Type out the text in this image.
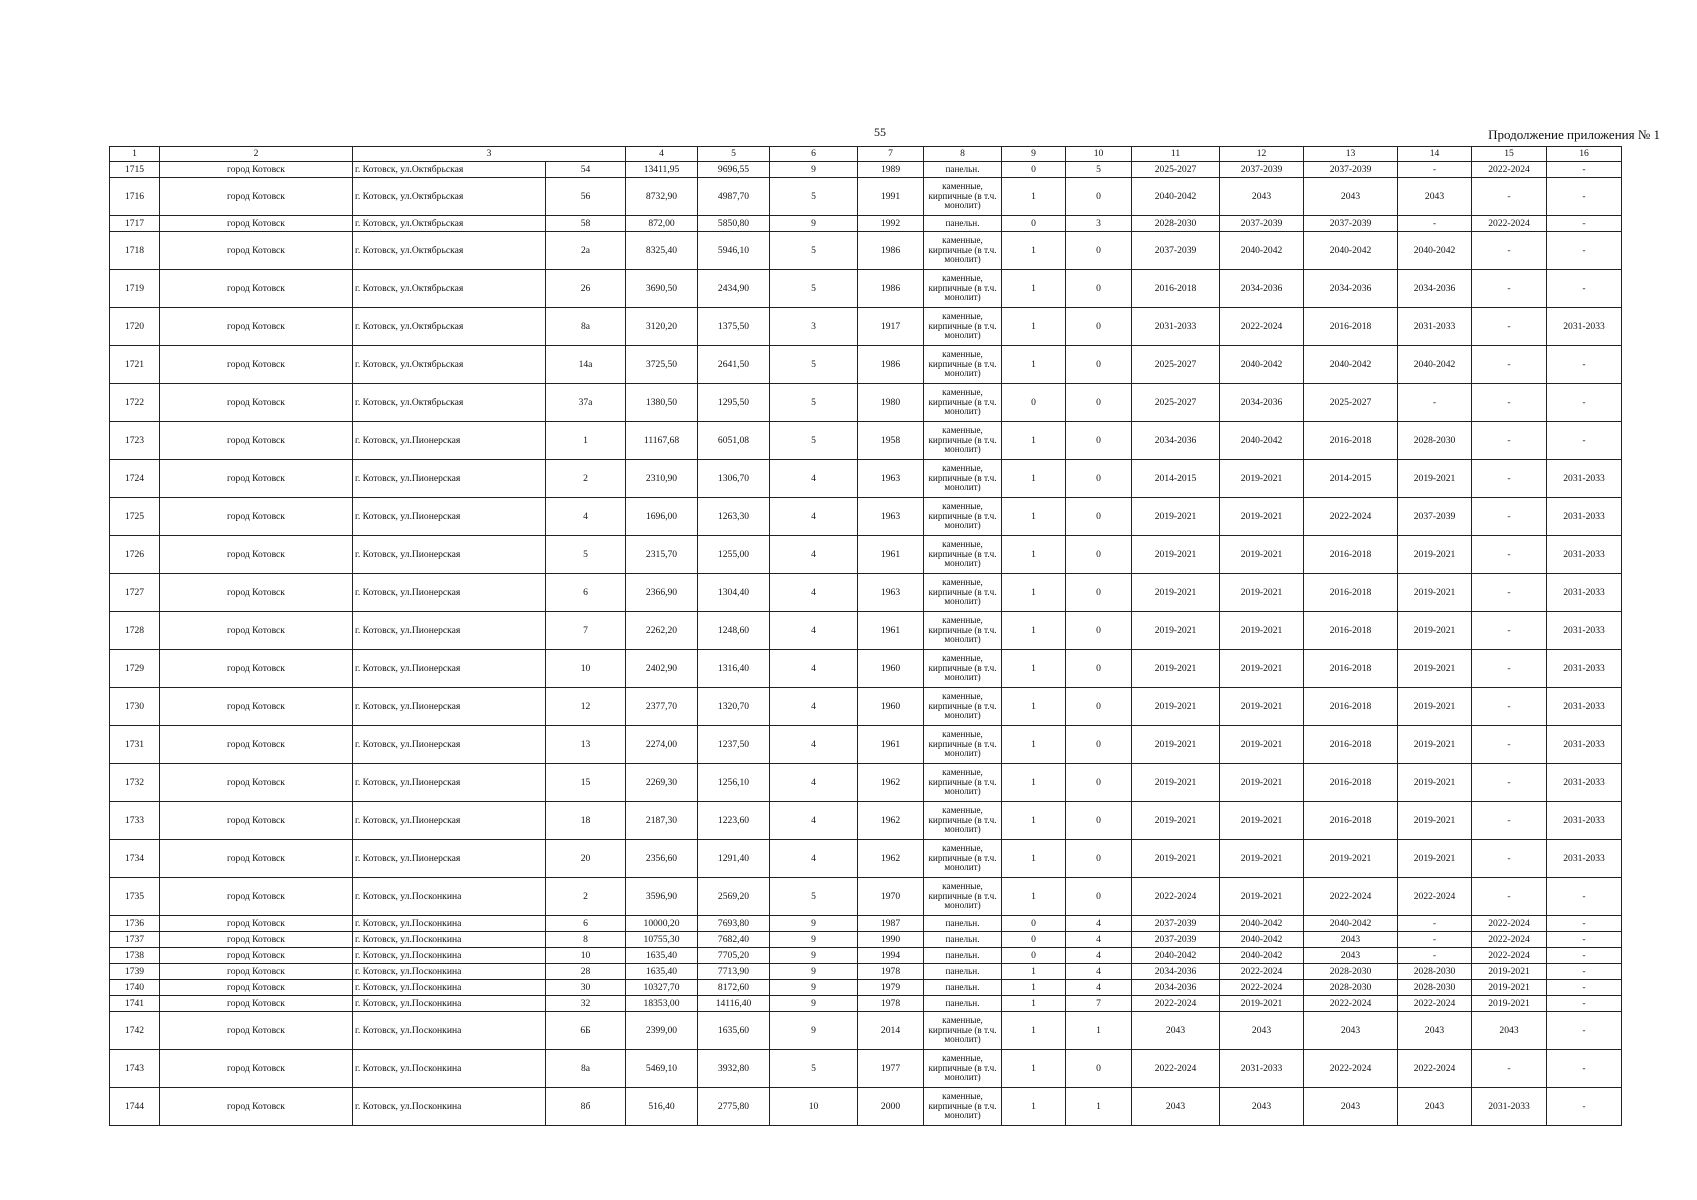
55	Продолжение приложения № 1
1	2	3		4	5	6	7	8	9	10	11	12	13	14	15	16
1715	город Котовск	г. Котовск, ул.Октябрьская	54	13411,95	9696,55	9	1989	панельн.	0	5	2025-2027	2037-2039	2037-2039	-	2022-2024	-
1716	город Котовск	г. Котовск, ул.Октябрьская	56	8732,90	4987,70	5	1991	каменные, кирпичные (в т.ч. монолит)	1	0	2040-2042	2043	2043	2043	-	-
1717	город Котовск	г. Котовск, ул.Октябрьская	58	872,00	5850,80	9	1992	панельн.	0	3	2028-2030	2037-2039	2037-2039	-	2022-2024	-
1718	город Котовск	г. Котовск, ул.Октябрьская	2а	8325,40	5946,10	5	1986	каменные, кирпичные (в т.ч. монолит)	1	0	2037-2039	2040-2042	2040-2042	2040-2042	-	-
1719	город Котовск	г. Котовск, ул.Октябрьская	26	3690,50	2434,90	5	1986	каменные, кирпичные (в т.ч. монолит)	1	0	2016-2018	2034-2036	2034-2036	2034-2036	-	-
1720	город Котовск	г. Котовск, ул.Октябрьская	8а	3120,20	1375,50	3	1917	каменные, кирпичные (в т.ч. монолит)	1	0	2031-2033	2022-2024	2016-2018	2031-2033	-	2031-2033
1721	город Котовск	г. Котовск, ул.Октябрьская	14а	3725,50	2641,50	5	1986	каменные, кирпичные (в т.ч. монолит)	1	0	2025-2027	2040-2042	2040-2042	2040-2042	-	-
1722	город Котовск	г. Котовск, ул.Октябрьская	37а	1380,50	1295,50	5	1980	каменные, кирпичные (в т.ч. монолит)	0	0	2025-2027	2034-2036	2025-2027	-	-	-
1723	город Котовск	г. Котовск, ул.Пионерская	1	11167,68	6051,08	5	1958	каменные, кирпичные (в т.ч. монолит)	1	0	2034-2036	2040-2042	2016-2018	2028-2030	-	-
1724	город Котовск	г. Котовск, ул.Пионерская	2	2310,90	1306,70	4	1963	каменные, кирпичные (в т.ч. монолит)	1	0	2014-2015	2019-2021	2014-2015	2019-2021	-	2031-2033
1725	город Котовск	г. Котовск, ул.Пионерская	4	1696,00	1263,30	4	1963	каменные, кирпичные (в т.ч. монолит)	1	0	2019-2021	2019-2021	2022-2024	2037-2039	-	2031-2033
1726	город Котовск	г. Котовск, ул.Пионерская	5	2315,70	1255,00	4	1961	каменные, кирпичные (в т.ч. монолит)	1	0	2019-2021	2019-2021	2016-2018	2019-2021	-	2031-2033
1727	город Котовск	г. Котовск, ул.Пионерская	6	2366,90	1304,40	4	1963	каменные, кирпичные (в т.ч. монолит)	1	0	2019-2021	2019-2021	2016-2018	2019-2021	-	2031-2033
1728	город Котовск	г. Котовск, ул.Пионерская	7	2262,20	1248,60	4	1961	каменные, кирпичные (в т.ч. монолит)	1	0	2019-2021	2019-2021	2016-2018	2019-2021	-	2031-2033
1729	город Котовск	г. Котовск, ул.Пионерская	10	2402,90	1316,40	4	1960	каменные, кирпичные (в т.ч. монолит)	1	0	2019-2021	2019-2021	2016-2018	2019-2021	-	2031-2033
1730	город Котовск	г. Котовск, ул.Пионерская	12	2377,70	1320,70	4	1960	каменные, кирпичные (в т.ч. монолит)	1	0	2019-2021	2019-2021	2016-2018	2019-2021	-	2031-2033
1731	город Котовск	г. Котовск, ул.Пионерская	13	2274,00	1237,50	4	1961	каменные, кирпичные (в т.ч. монолит)	1	0	2019-2021	2019-2021	2016-2018	2019-2021	-	2031-2033
1732	город Котовск	г. Котовск, ул.Пионерская	15	2269,30	1256,10	4	1962	каменные, кирпичные (в т.ч. монолит)	1	0	2019-2021	2019-2021	2016-2018	2019-2021	-	2031-2033
1733	город Котовск	г. Котовск, ул.Пионерская	18	2187,30	1223,60	4	1962	каменные, кирпичные (в т.ч. монолит)	1	0	2019-2021	2019-2021	2016-2018	2019-2021	-	2031-2033
1734	город Котовск	г. Котовск, ул.Пионерская	20	2356,60	1291,40	4	1962	каменные, кирпичные (в т.ч. монолит)	1	0	2019-2021	2019-2021	2019-2021	2019-2021	-	2031-2033
1735	город Котовск	г. Котовск, ул.Посконкина	2	3596,90	2569,20	5	1970	каменные, кирпичные (в т.ч. монолит)	1	0	2022-2024	2019-2021	2022-2024	2022-2024	-	-
1736	город Котовск	г. Котовск, ул.Посконкина	6	10000,20	7693,80	9	1987	панельн.	0	4	2037-2039	2040-2042	2040-2042	-	2022-2024	-
1737	город Котовск	г. Котовск, ул.Посконкина	8	10755,30	7682,40	9	1990	панельн.	0	4	2037-2039	2040-2042	2043	-	2022-2024	-
1738	город Котовск	г. Котовск, ул.Посконкина	10	1635,40	7705,20	9	1994	панельн.	0	4	2040-2042	2040-2042	2043	-	2022-2024	-
1739	город Котовск	г. Котовск, ул.Посконкина	28	1635,40	7713,90	9	1978	панельн.	1	4	2034-2036	2022-2024	2028-2030	2028-2030	2019-2021	-
1740	город Котовск	г. Котовск, ул.Посконкина	30	10327,70	8172,60	9	1979	панельн.	1	4	2034-2036	2022-2024	2028-2030	2028-2030	2019-2021	-
1741	город Котовск	г. Котовск, ул.Посконкина	32	18353,00	14116,40	9	1978	панельн.	1	7	2022-2024	2019-2021	2022-2024	2022-2024	2019-2021	-
1742	город Котовск	г. Котовск, ул.Посконкина	6Б	2399,00	1635,60	9	2014	каменные, кирпичные (в т.ч. монолит)	1	1	2043	2043	2043	2043	2043	-
1743	город Котовск	г. Котовск, ул.Посконкина	8а	5469,10	3932,80	5	1977	каменные, кирпичные (в т.ч. монолит)	1	0	2022-2024	2031-2033	2022-2024	2022-2024	-	-
1744	город Котовск	г. Котовск, ул.Посконкина	8б	516,40	2775,80	10	2000	каменные, кирпичные (в т.ч. монолит)	1	1	2043	2043	2043	2043	2031-2033	-
